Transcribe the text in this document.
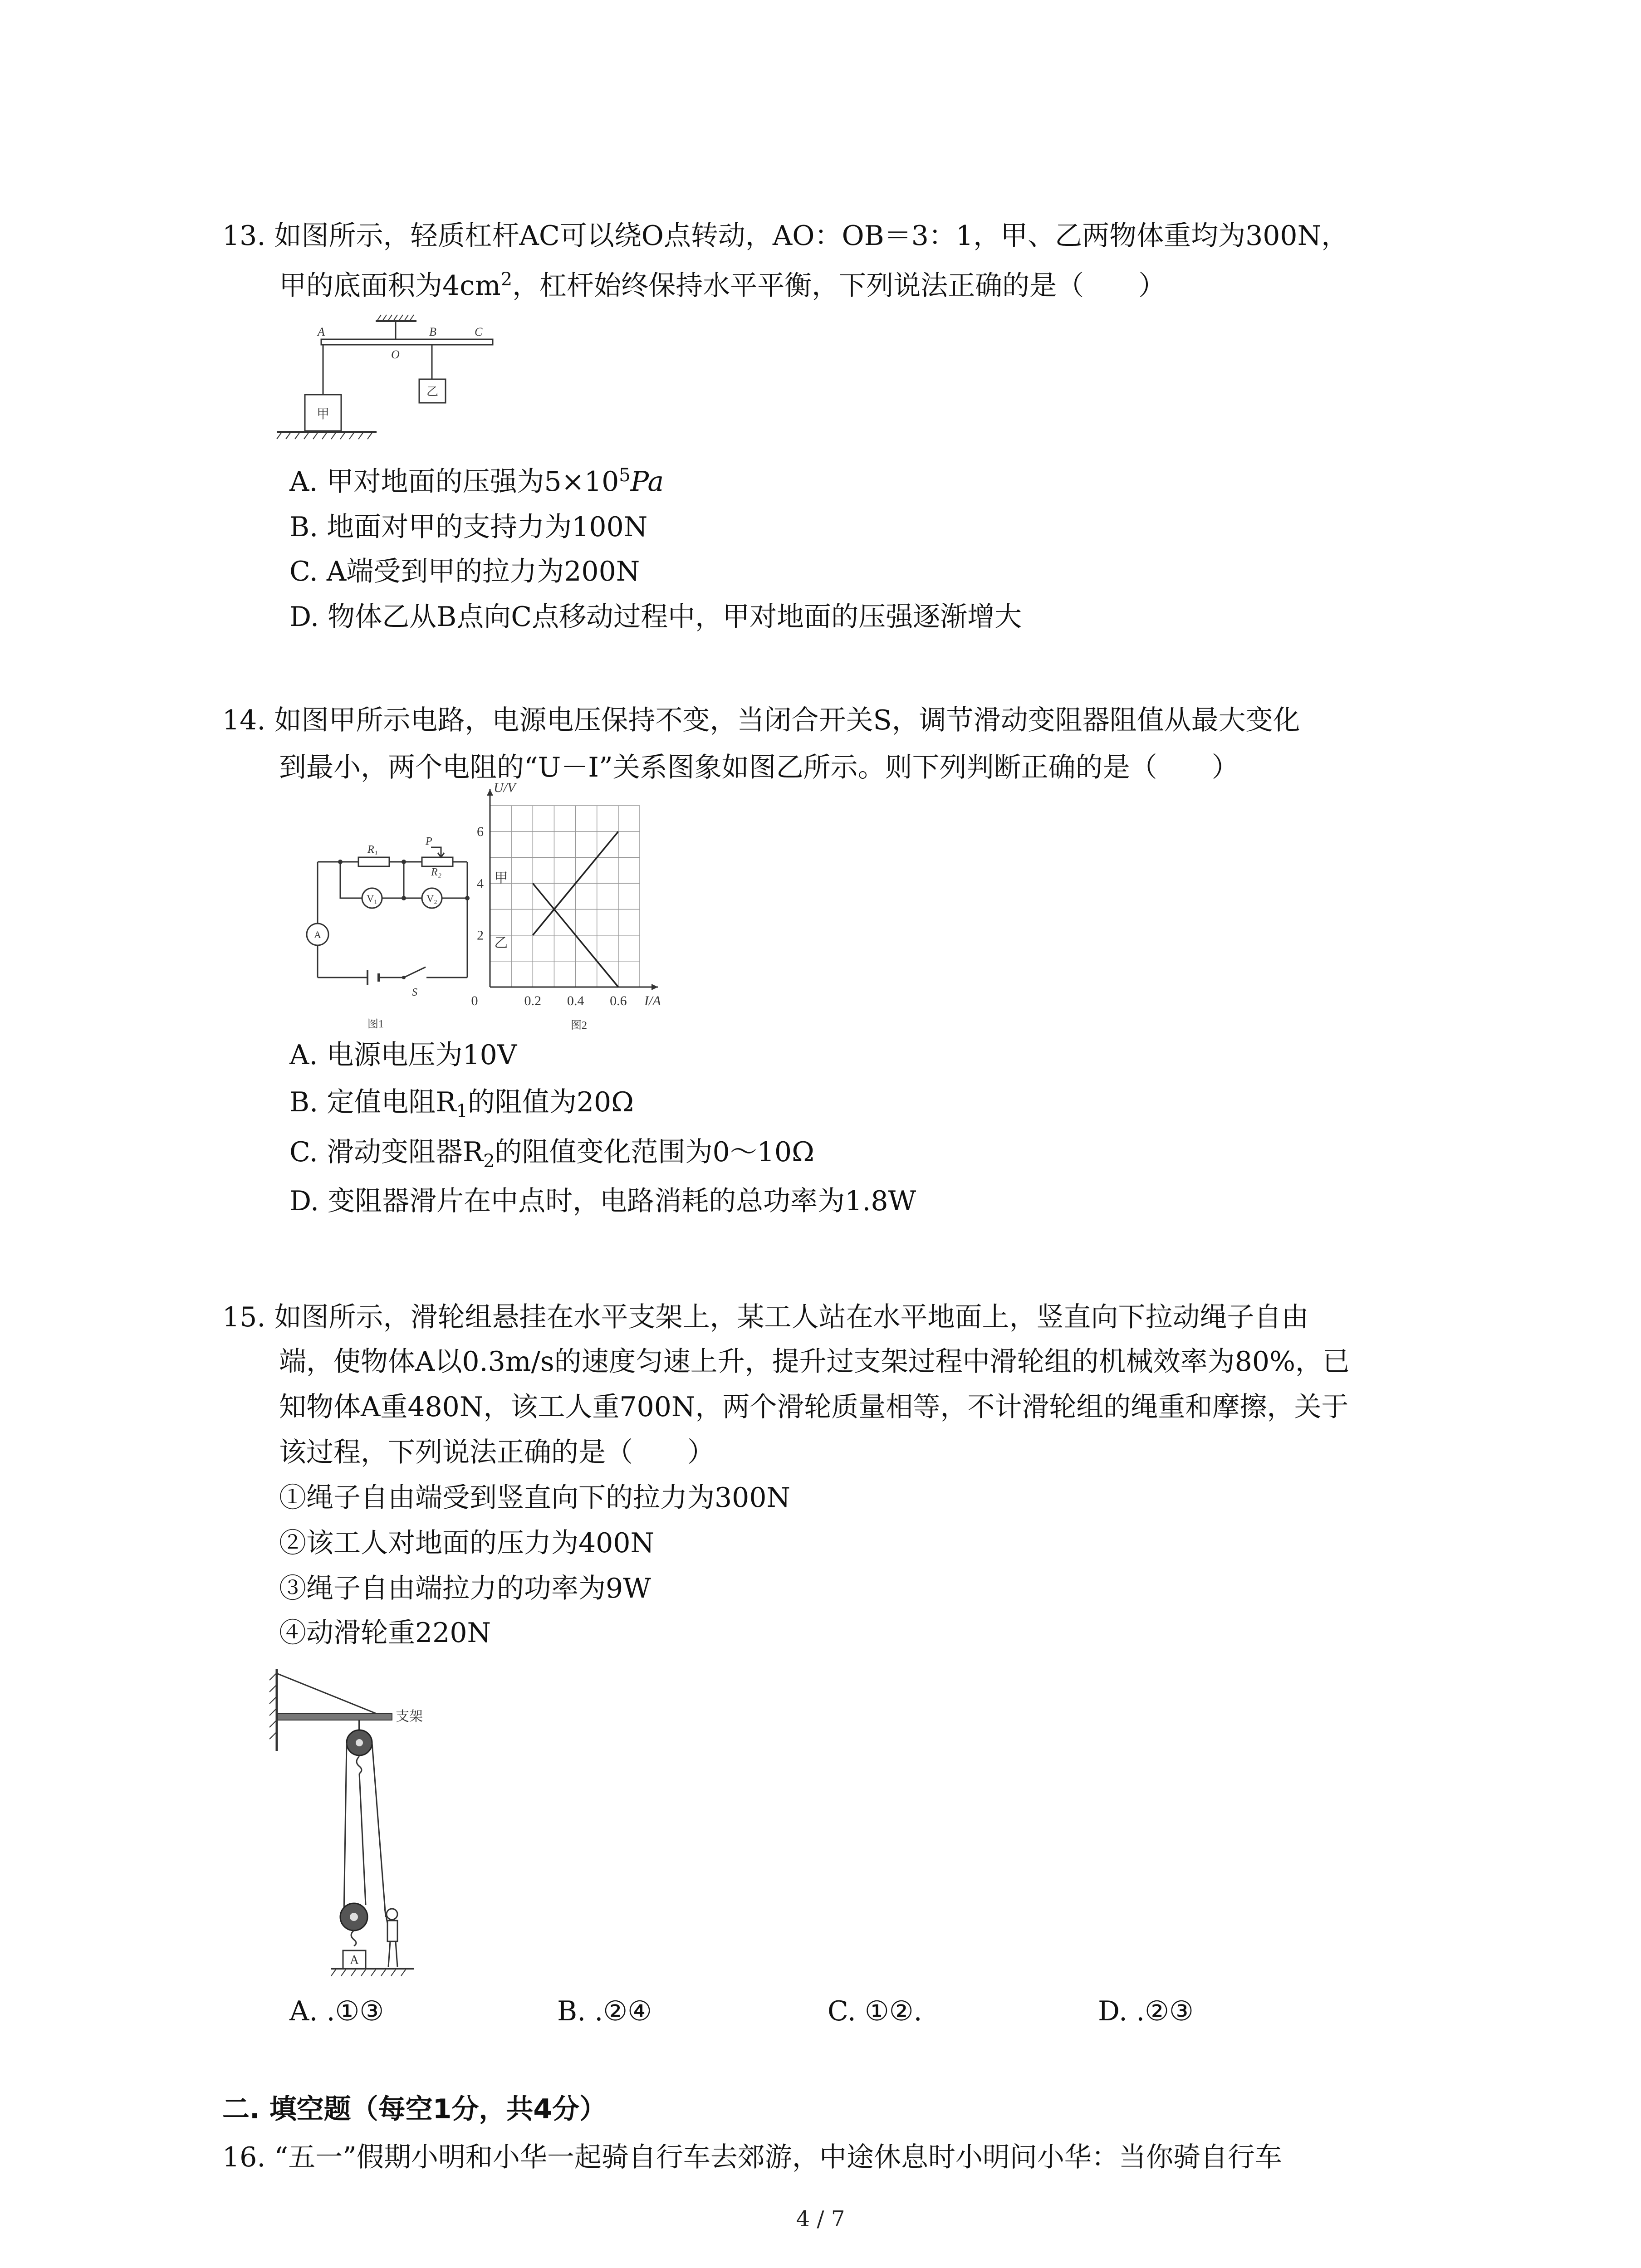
13. 如图所示，轻质杠杆AC可以绕O点转动，AO：OB＝3：1，甲、乙两物体重均为300N，
甲的底面积为$4cm^2$，杠杆始终保持水平平衡，下列说法正确的是（　　）
A
O
B	C
甲
乙
A. 甲对地面的压强为$5\times 10^5Pa$
B. 地面对甲的支持力为100N
C. A端受到甲的拉力为200N
D. 物体乙从B点向C点移动过程中，甲对地面的压强逐渐增大
14. 如图甲所示电路，电源电压保持不变，当闭合开关S，调节滑动变阻器阻值从最大变化
到最小，两个电阻的“U－I”关系图象如图乙所示。则下列判断正确的是（　　）
R₁
R₂
P
S
V₁	V₂
A
图1
甲
乙
0	0.2 0.4 0.6
2
4
6
I/A
U/V
图2
A. 电源电压为10V
B. 定值电阻$R_1$的阻值为20Ω
C. 滑动变阻器$R_2$的阻值变化范围为0～10Ω
D. 变阻器滑片在中点时，电路消耗的总功率为1.8W
15. 如图所示，滑轮组悬挂在水平支架上，某工人站在水平地面上，竖直向下拉动绳子自由
端，使物体A以0.3m/s的速度匀速上升，提升过支架过程中滑轮组的机械效率为80%，已
知物体A重480N，该工人重700N，两个滑轮质量相等，不计滑轮组的绳重和摩擦，关于
该过程，下列说法正确的是（　　）
①绳子自由端受到竖直向下的拉力为300N
②该工人对地面的压力为400N
③绳子自由端拉力的功率为9W
④动滑轮重220N
支架
A
A. .①③	B. .②④	C. ①②.	D. .②③
二. 填空题（每空1分，共4分）
16. “五一”假期小明和小华一起骑自行车去郊游，中途休息时小明问小华：当你骑自行车
4 / 7
